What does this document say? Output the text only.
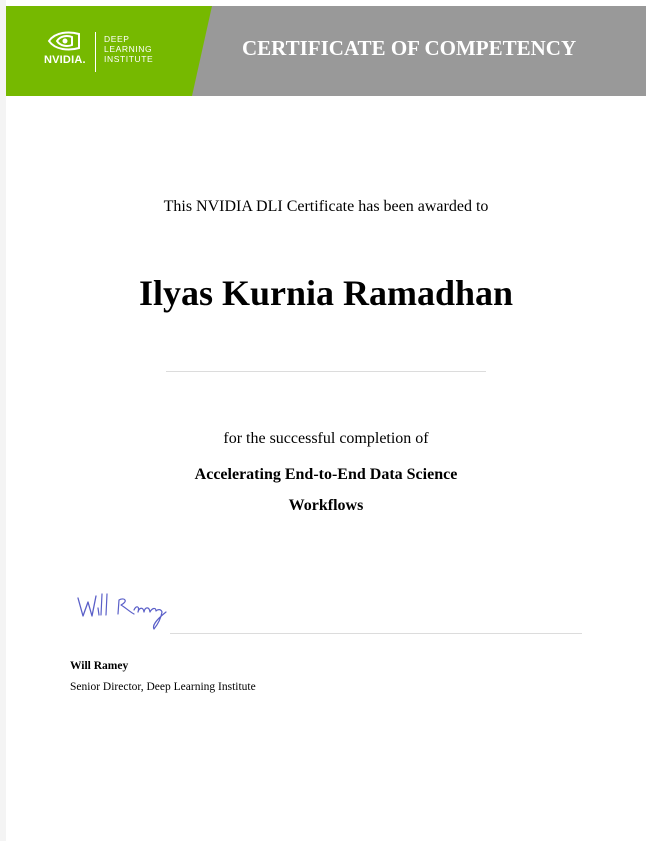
NVIDIA.
DEEP
LEARNING
INSTITUTE	CERTIFICATE OF COMPETENCY
This NVIDIA DLI Certificate has been awarded to
Ilyas Kurnia Ramadhan
for the successful completion of
Accelerating End-to-End Data Science Workflows
Will Ramey
Senior Director, Deep Learning Institute
